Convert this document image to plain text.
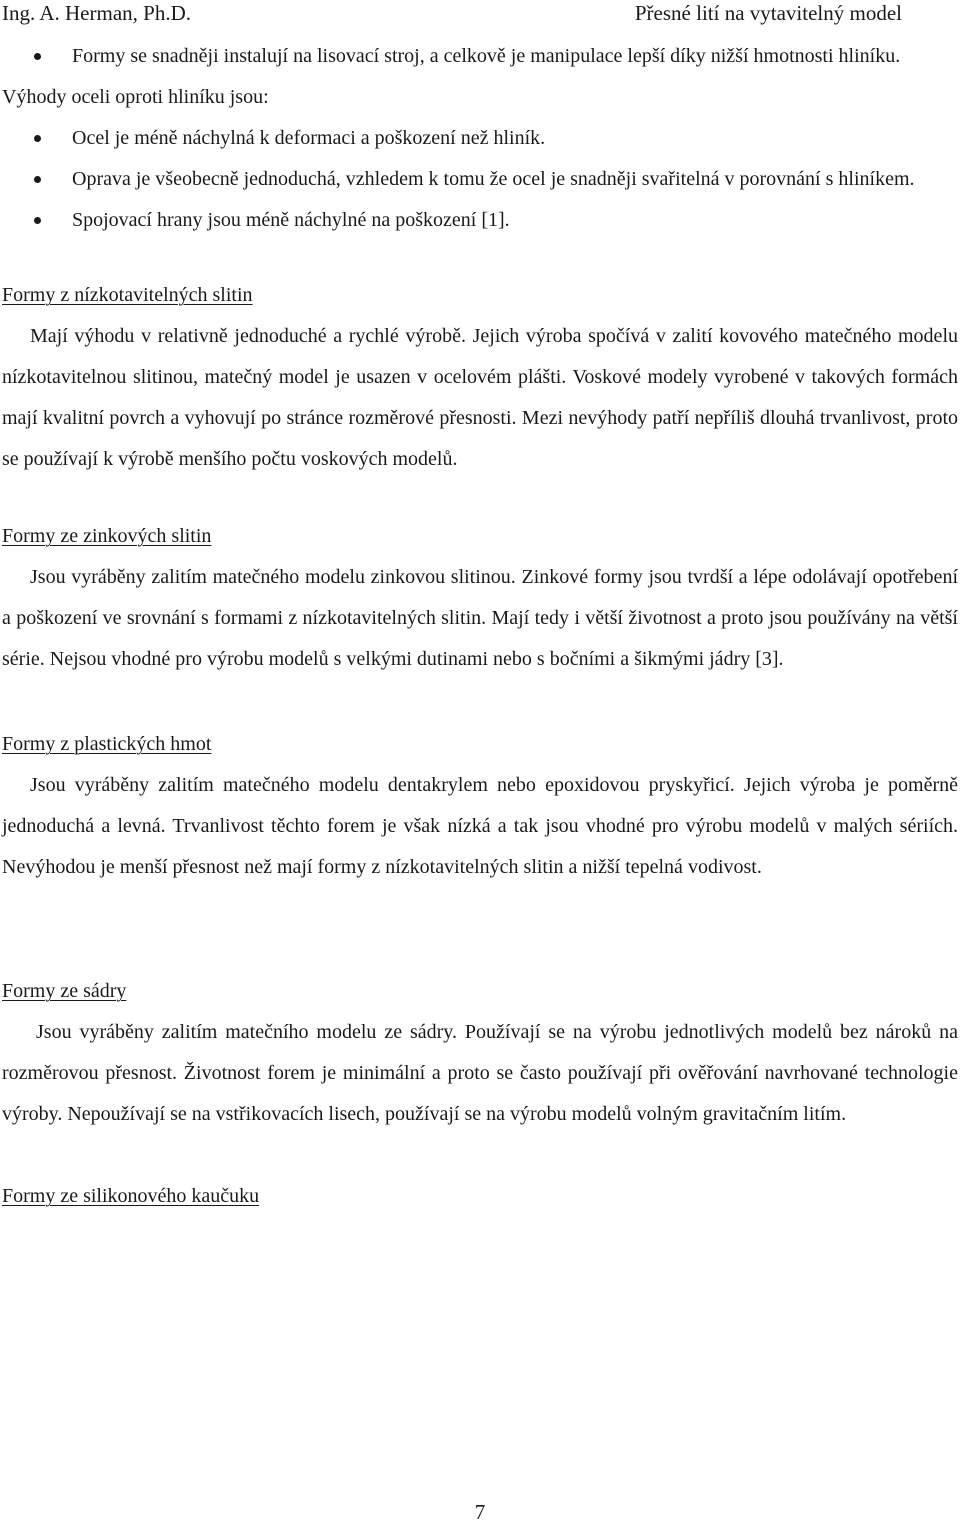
Ing. A. Herman, Ph.D.	Přesné lití na vytavitelný model
Formy se snadněji instalují na lisovací stroj, a celkově je manipulace lepší díky nižší hmotnosti hliníku.

Výhody oceli oproti hliníku jsou:

Ocel je méně náchylná k deformaci a poškození než hliník.
Oprava je všeobecně jednoduchá, vzhledem k tomu že ocel je snadněji svařitelná v porovnání s hliníkem.
Spojovací hrany jsou méně náchylné na poškození [1].

Formy z nízkotavitelných slitin

Mají výhodu v relativně jednoduché a rychlé výrobě. Jejich výroba spočívá v zalití kovového matečného modelu nízkotavitelnou slitinou, matečný model je usazen v ocelovém plášti. Voskové modely vyrobené v takových formách mají kvalitní povrch a vyhovují po stránce rozměrové přesnosti. Mezi nevýhody patří nepříliš dlouhá trvanlivost, proto se používají k výrobě menšího počtu voskových modelů.

Formy ze zinkových slitin

Jsou vyráběny zalitím matečného modelu zinkovou slitinou. Zinkové formy jsou tvrdší a lépe odolávají opotřebení a poškození ve srovnání s formami z nízkotavitelných slitin. Mají tedy i větší životnost a proto jsou používány na větší série. Nejsou vhodné pro výrobu modelů s velkými dutinami nebo s bočními a šikmými jádry [3].

Formy z plastických hmot

Jsou vyráběny zalitím matečného modelu dentakrylem nebo epoxidovou pryskyřicí. Jejich výroba je poměrně jednoduchá a levná. Trvanlivost těchto forem je však nízká a tak jsou vhodné pro výrobu modelů v malých sériích. Nevýhodou je menší přesnost než mají formy z nízkotavitelných slitin a nižší tepelná vodivost.

Formy ze sádry

Jsou vyráběny zalitím matečního modelu ze sádry. Používají se na výrobu jednotlivých modelů bez nároků na rozměrovou přesnost. Životnost forem je minimální a proto se často používají při ověřování navrhované technologie výroby. Nepoužívají se na vstřikovacích lisech, používají se na výrobu modelů volným gravitačním litím.

Formy ze silikonového kaučuku

7
